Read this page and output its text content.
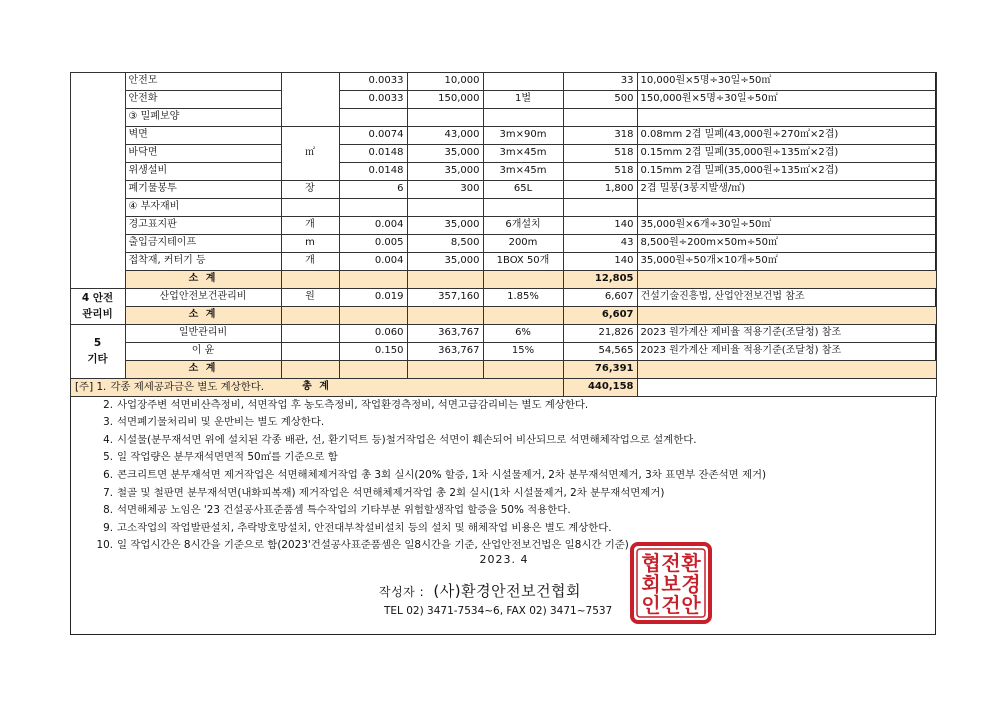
	안전모		0.0033	10,000		33	10,000원×5명÷30일÷50㎡
	안전화		0.0033	150,000	1벌	500	150,000원×5명÷30일÷50㎡
	③ 밀폐보양						
	벽면	㎡	0.0074	43,000	3m×90m	318	0.08mm 2겹 밀폐(43,000원÷270㎡×2겹)
	바닥면		0.0148	35,000	3m×45m	518	0.15mm 2겹 밀폐(35,000원÷135㎡×2겹)
	위생설비		0.0148	35,000	3m×45m	518	0.15mm 2겹 밀폐(35,000원÷135㎡×2겹)
	폐기물봉투	장	6	300	65L	1,800	2겹 밀봉(3봉지발생/㎡)
	④ 부자재비						
	경고표지판	개	0.004	35,000	6개설치	140	35,000원×6개÷30일÷50㎡
	출입금지테이프	m	0.005	8,500	200m	43	8,500원÷200m×50m÷50㎡
	접착재, 커터기 등	개	0.004	35,000	1BOX 50개	140	35,000원÷50개×10개÷50㎡
	소 계					12,805	
4 안전
관리비	산업안전보건관리비	원	0.019	357,160	1.85%	6,607	건설기술진흥법, 산업안전보건법 참조
	소 계					6,607	
5
기타	일반관리비		0.060	363,767	6%	21,826	2023 원가계산 제비율 적용기준(조달청) 참조
	이 윤		0.150	363,767	15%	54,565	2023 원가계산 제비율 적용기준(조달청) 참조
	소 계					76,391	
총 계						440,158	
[주] 1. 각종 제세공과금은 별도 계상한다.
2. 사업장주변 석면비산측정비, 석면작업 후 농도측정비, 작업환경측정비, 석면고급감리비는 별도 계상한다.
3. 석면폐기물처리비 및 운반비는 별도 계상한다.
4. 시설물(분무재석면 위에 설치된 각종 배관, 선, 환기덕트 등)철거작업은 석면이 훼손되어 비산되므로 석면해체작업으로 설계한다.
5. 일 작업량은 분무재석면면적 50㎡를 기준으로 함
6. 콘크리트면 분무재석면 제거작업은 석면해체제거작업 총 3회 실시(20% 할증, 1차 시설물제거, 2차 분무재석면제거, 3차 표면부 잔존석면 제거)
7. 철골 및 철판면 분무재석면(내화피복재) 제거작업은 석면해체제거작업 총 2회 실시(1차 시설물제거, 2차 분무재석면제거)
8. 석면해체공 노임은 '23 건설공사표준품셈 특수작업의 기타부분 위험할생작업 할증을 50% 적용한다.
9. 고소작업의 작업발판설치, 추락방호망설치, 안전대부착설비설치 등의 설치 및 해체작업 비용은 별도 계상한다.
10. 일 작업시간은 8시간을 기준으로 함(2023'건설공사표준품셈은 일8시간을 기준, 산업안전보건법은 일8시간 기준)
2023. 4
작성자 : (사)환경안전보건협회
TEL 02) 3471-7534~6, FAX 02) 3471~7537
환
경
안
전
보
건
협
회
인
